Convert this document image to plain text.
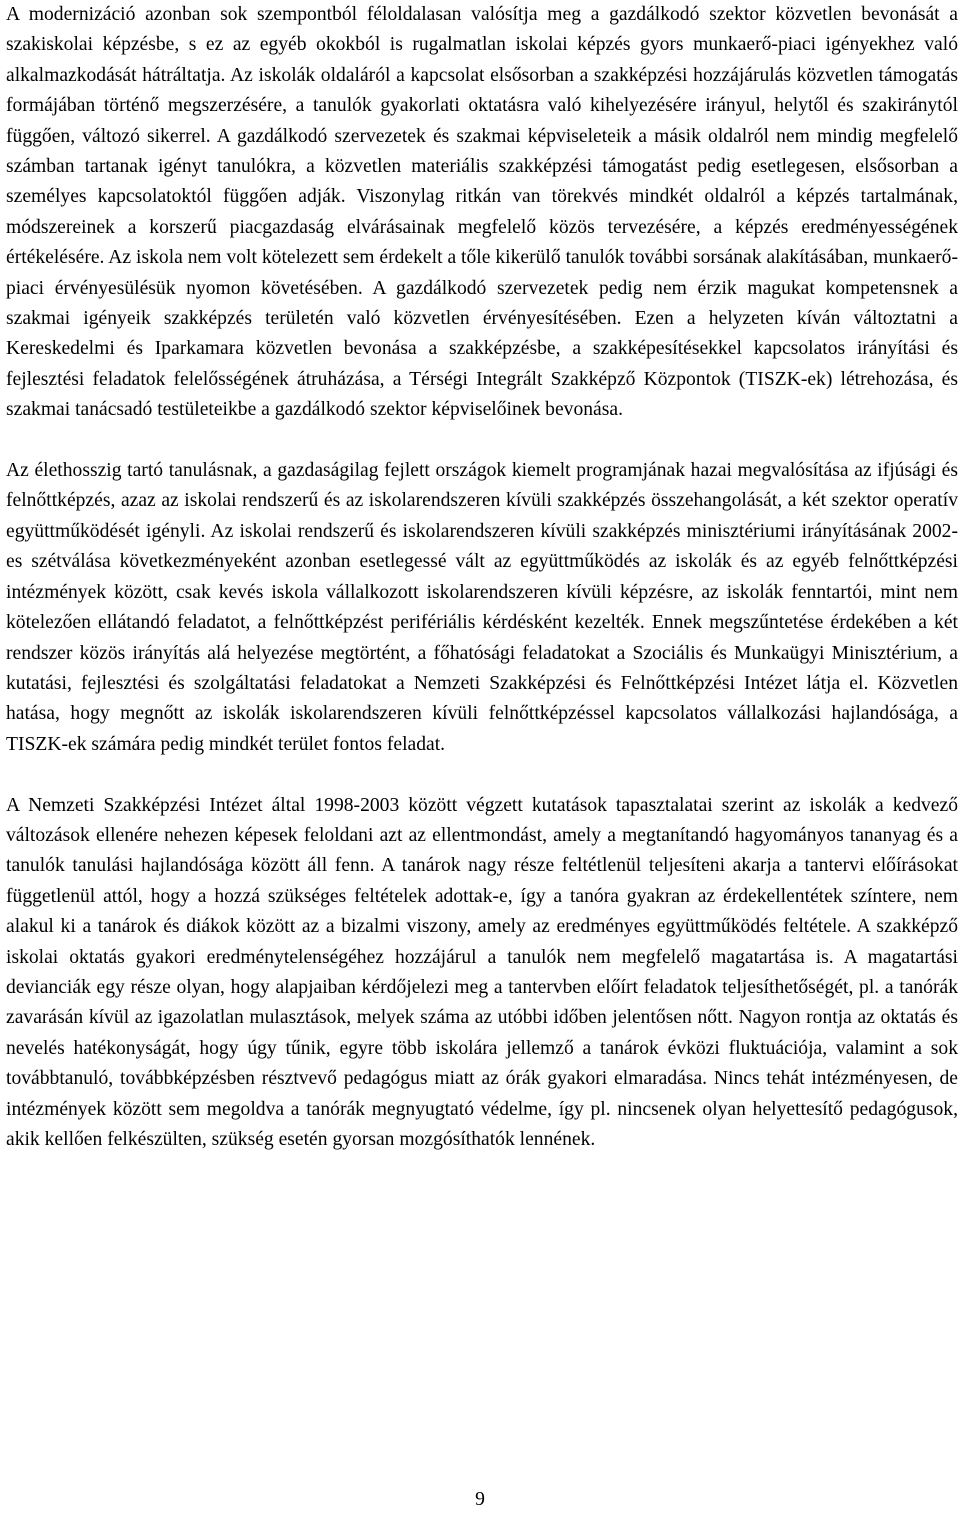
A modernizáció azonban sok szempontból féloldalasan valósítja meg a gazdálkodó szektor közvetlen bevonását a szakiskolai képzésbe, s ez az egyéb okokból is rugalmatlan iskolai képzés gyors munkaerő-piaci igényekhez való alkalmazkodását hátráltatja. Az iskolák oldaláról a kapcsolat elsősorban a szakképzési hozzájárulás közvetlen támogatás formájában történő megszerzésére, a tanulók gyakorlati oktatásra való kihelyezésére irányul, helytől és szakiránytól függően, változó sikerrel. A gazdálkodó szervezetek és szakmai képviseleteik a másik oldalról nem mindig megfelelő számban tartanak igényt tanulókra, a közvetlen materiális szakképzési támogatást pedig esetlegesen, elsősorban a személyes kapcsolatoktól függően adják. Viszonylag ritkán van törekvés mindkét oldalról a képzés tartalmának, módszereinek a korszerű piacgazdaság elvárásainak megfelelő közös tervezésére, a képzés eredményességének értékelésére. Az iskola nem volt kötelezett sem érdekelt a tőle kikerülő tanulók további sorsának alakításában, munkaerő-piaci érvényesülésük nyomon követésében. A gazdálkodó szervezetek pedig nem érzik magukat kompetensnek a szakmai igényeik szakképzés területén való közvetlen érvényesítésében. Ezen a helyzeten kíván változtatni a Kereskedelmi és Iparkamara közvetlen bevonása a szakképzésbe, a szakképesítésekkel kapcsolatos irányítási és fejlesztési feladatok felelősségének átruházása, a Térségi Integrált Szakképző Központok (TISZK-ek) létrehozása, és szakmai tanácsadó testületeikbe a gazdálkodó szektor képviselőinek bevonása.

Az élethosszig tartó tanulásnak, a gazdaságilag fejlett országok kiemelt programjának hazai megvalósítása az ifjúsági és felnőttképzés, azaz az iskolai rendszerű és az iskolarendszeren kívüli szakképzés összehangolását, a két szektor operatív együttműködését igényli. Az iskolai rendszerű és iskolarendszeren kívüli szakképzés minisztériumi irányításának 2002-es szétválása következményeként azonban esetlegessé vált az együttműködés az iskolák és az egyéb felnőttképzési intézmények között, csak kevés iskola vállalkozott iskolarendszeren kívüli képzésre, az iskolák fenntartói, mint nem kötelezően ellátandó feladatot, a felnőttképzést perifériális kérdésként kezelték. Ennek megszűntetése érdekében a két rendszer közös irányítás alá helyezése megtörtént, a főhatósági feladatokat a Szociális és Munkaügyi Minisztérium, a kutatási, fejlesztési és szolgáltatási feladatokat a Nemzeti Szakképzési és Felnőttképzési Intézet látja el. Közvetlen hatása, hogy megnőtt az iskolák iskolarendszeren kívüli felnőttképzéssel kapcsolatos vállalkozási hajlandósága, a TISZK-ek számára pedig mindkét terület fontos feladat.

A Nemzeti Szakképzési Intézet által 1998-2003 között végzett kutatások tapasztalatai szerint az iskolák a kedvező változások ellenére nehezen képesek feloldani azt az ellentmondást, amely a megtanítandó hagyományos tananyag és a tanulók tanulási hajlandósága között áll fenn. A tanárok nagy része feltétlenül teljesíteni akarja a tantervi előírásokat függetlenül attól, hogy a hozzá szükséges feltételek adottak-e, így a tanóra gyakran az érdekellentétek színtere, nem alakul ki a tanárok és diákok között az a bizalmi viszony, amely az eredményes együttműködés feltétele. A szakképző iskolai oktatás gyakori eredménytelenségéhez hozzájárul a tanulók nem megfelelő magatartása is. A magatartási devianciák egy része olyan, hogy alapjaiban kérdőjelezi meg a tantervben előírt feladatok teljesíthetőségét, pl. a tanórák zavarásán kívül az igazolatlan mulasztások, melyek száma az utóbbi időben jelentősen nőtt. Nagyon rontja az oktatás és nevelés hatékonyságát, hogy úgy tűnik, egyre több iskolára jellemző a tanárok évközi fluktuációja, valamint a sok továbbtanuló, továbbképzésben résztvevő pedagógus miatt az órák gyakori elmaradása. Nincs tehát intézményesen, de intézmények között sem megoldva a tanórák megnyugtató védelme, így pl. nincsenek olyan helyettesítő pedagógusok, akik kellően felkészülten, szükség esetén gyorsan mozgósíthatók lennének.

9
